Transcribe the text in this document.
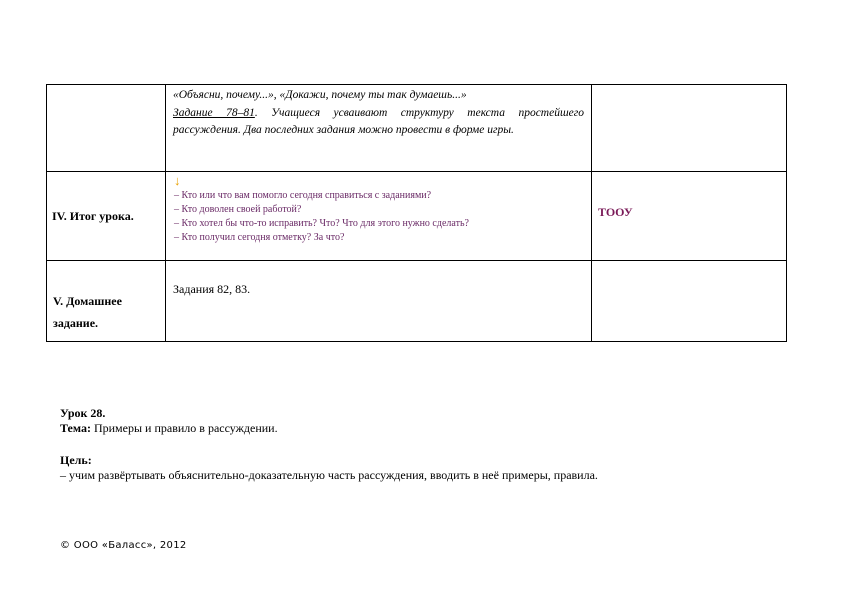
	«Объясни, почему...», «Докажи, почему ты так думаешь...»
Задание 78–81. Учащиеся усваивают структуру текста простейшего рассуждения. Два последних задания можно провести в форме игры.	

IV. Итог урока.	↓
– Кто или что вам помогло сегодня справиться с заданиями?
– Кто доволен своей работой?
– Кто хотел бы что-то исправить? Что? Что для этого нужно сделать?
– Кто получил сегодня отметку? За что?	ТООУ

V. Домашнее
задание.	Задания 82, 83.	

Урок 28.
Тема: Примеры и правило в рассуждении.
Цель:
– учим развёртывать объяснительно-доказательную часть рассуждения, вводить в неё примеры, правила.
© ООО «Баласс», 2012
